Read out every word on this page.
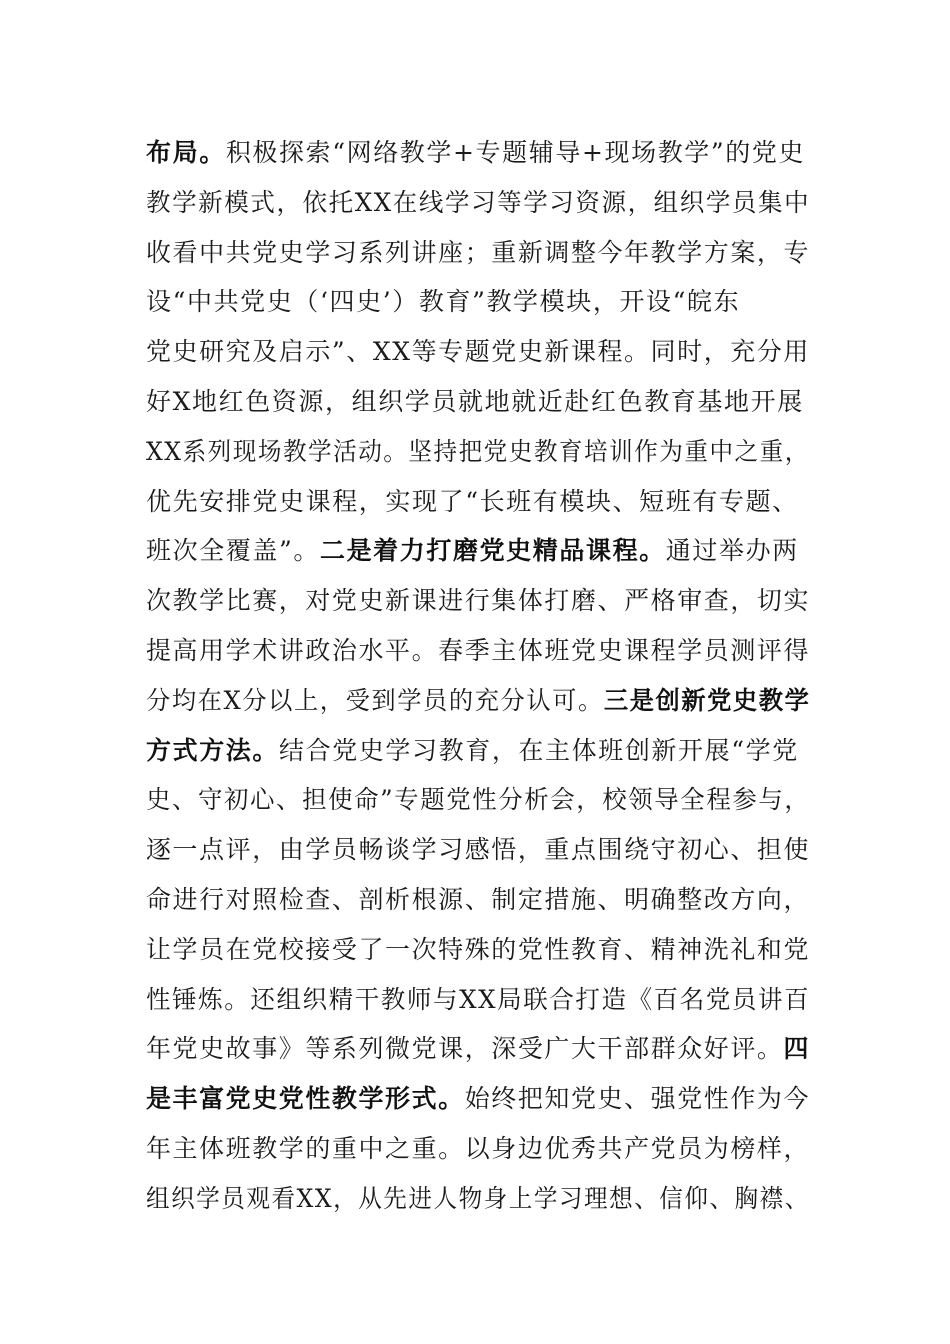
布局。积极探索“网络教学+专题辅导+现场教学”的党史
教学新模式，依托XX在线学习等学习资源，组织学员集中
收看中共党史学习系列讲座；重新调整今年教学方案，专
设“中共党史（‘四史’）教育”教学模块，开设“皖东
党史研究及启示”、XX等专题党史新课程。同时，充分用
好X地红色资源，组织学员就地就近赴红色教育基地开展
XX系列现场教学活动。坚持把党史教育培训作为重中之重，
优先安排党史课程，实现了“长班有模块、短班有专题、
班次全覆盖”。二是着力打磨党史精品课程。通过举办两
次教学比赛，对党史新课进行集体打磨、严格审查，切实
提高用学术讲政治水平。春季主体班党史课程学员测评得
分均在X分以上，受到学员的充分认可。三是创新党史教学
方式方法。结合党史学习教育，在主体班创新开展“学党
史、守初心、担使命”专题党性分析会，校领导全程参与，
逐一点评，由学员畅谈学习感悟，重点围绕守初心、担使
命进行对照检查、剖析根源、制定措施、明确整改方向，
让学员在党校接受了一次特殊的党性教育、精神洗礼和党
性锤炼。还组织精干教师与XX局联合打造《百名党员讲百
年党史故事》等系列微党课，深受广大干部群众好评。四
是丰富党史党性教学形式。始终把知党史、强党性作为今
年主体班教学的重中之重。以身边优秀共产党员为榜样，
组织学员观看XX，从先进人物身上学习理想、信仰、胸襟、
